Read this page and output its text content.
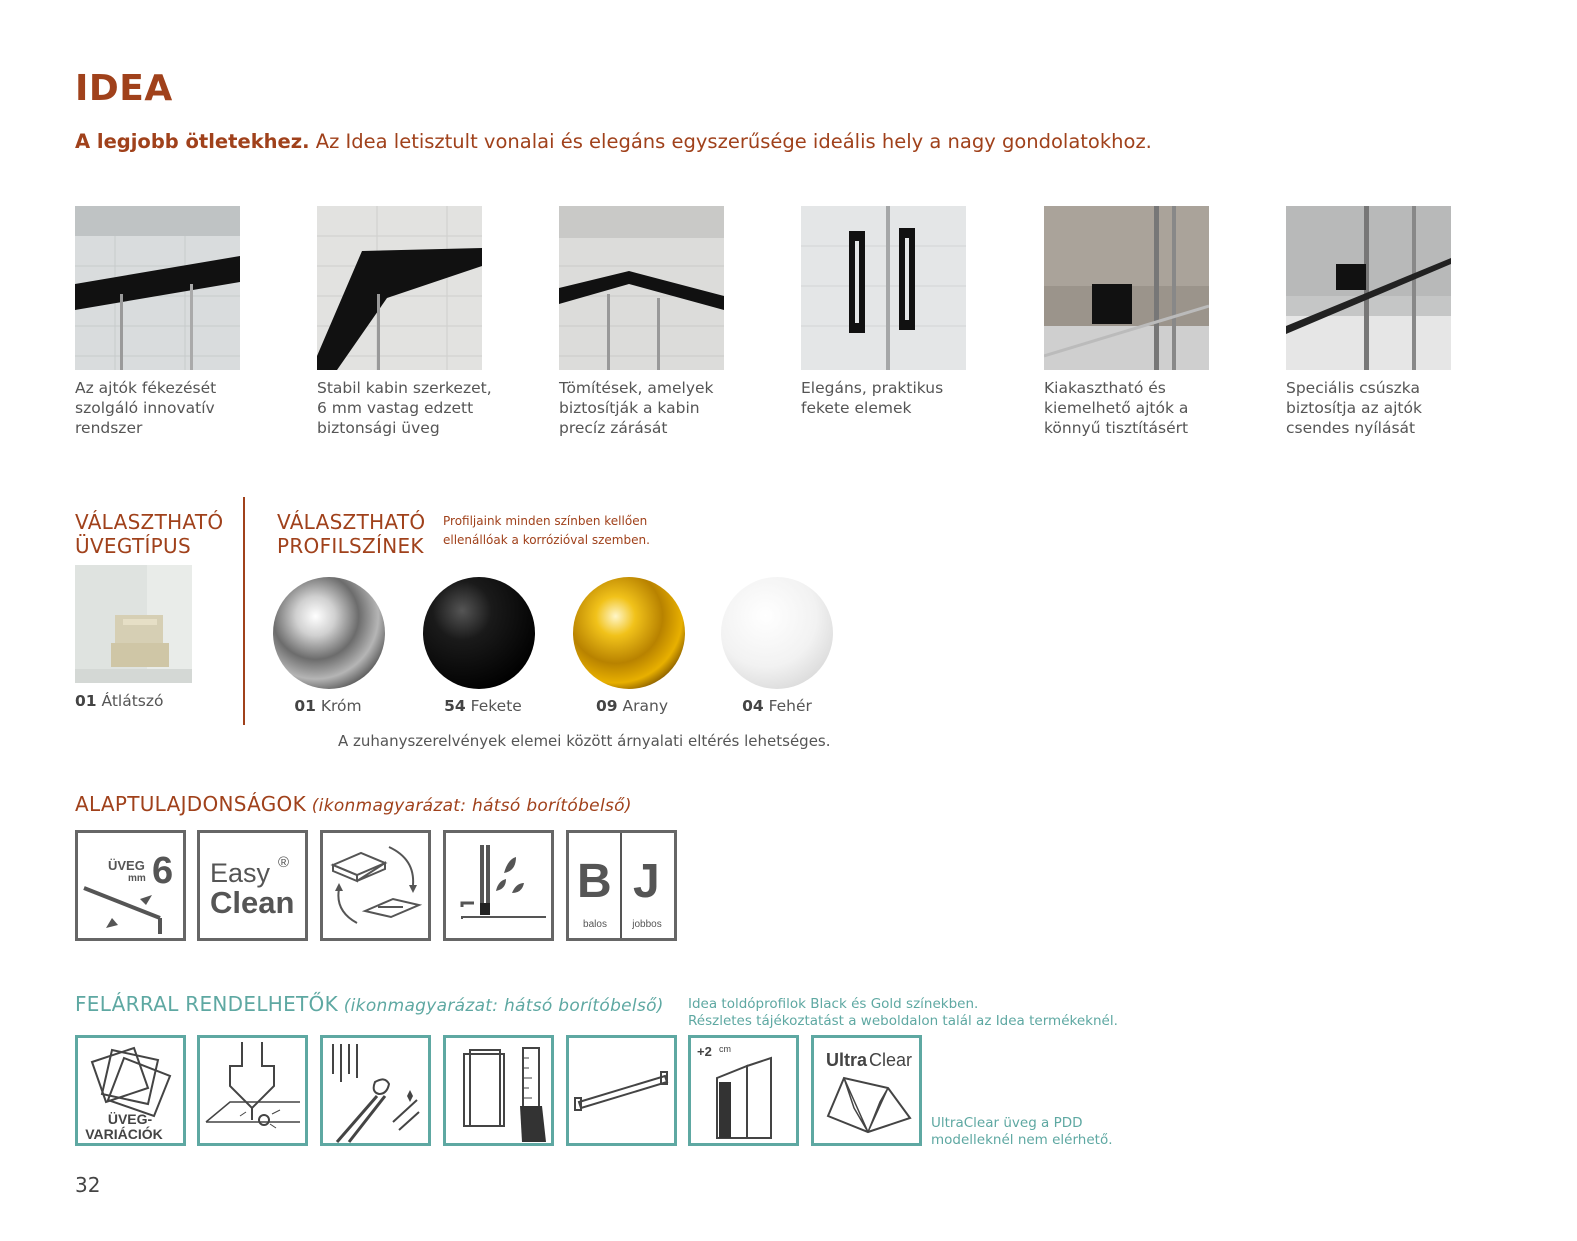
IDEA
A legjobb ötletekhez. Az Idea letisztult vonalai és elegáns egyszerűsége ideális hely a nagy gondolatokhoz.
Az ajtók fékezését szolgáló innovatív rendszer
Stabil kabin szerkezet, 6 mm vastag edzett biztonsági üveg
Tömítések, amelyek biztosítják a kabin precíz zárását
Elegáns, praktikus fekete elemek
Kiakasztható és kiemelhető ajtók a könnyű tisztításért
Speciális csúszka biztosítja az ajtók csendes nyílását
VÁLASZTHATÓ
ÜVEGTÍPUS
01 Átlátszó
VÁLASZTHATÓ
PROFILSZÍNEK
Profiljaink minden színben kellően
ellenállóak a korrózióval szemben.
01 Króm	54 Fekete	09 Arany	04 Fehér
A zuhanyszerelvények elemei között árnyalati eltérés lehetséges.
ALAPTULAJDONSÁGOK (ikonmagyarázat: hátsó borítóbelső)
ÜVEG
mm 6 Easy ®
Clean	B J
balos	jobbos
FELÁRRAL RENDELHETŐK (ikonmagyarázat: hátsó borítóbelső) Idea toldóprofilok Black és Gold színekben.
Részletes tájékoztatást a weboldalon talál az Idea termékeknél.
ÜVEG-
VARIÁCIÓK
+2 cm
Ultra Clear
UltraClear üveg a PDD
modelleknél nem elérhető.
32
